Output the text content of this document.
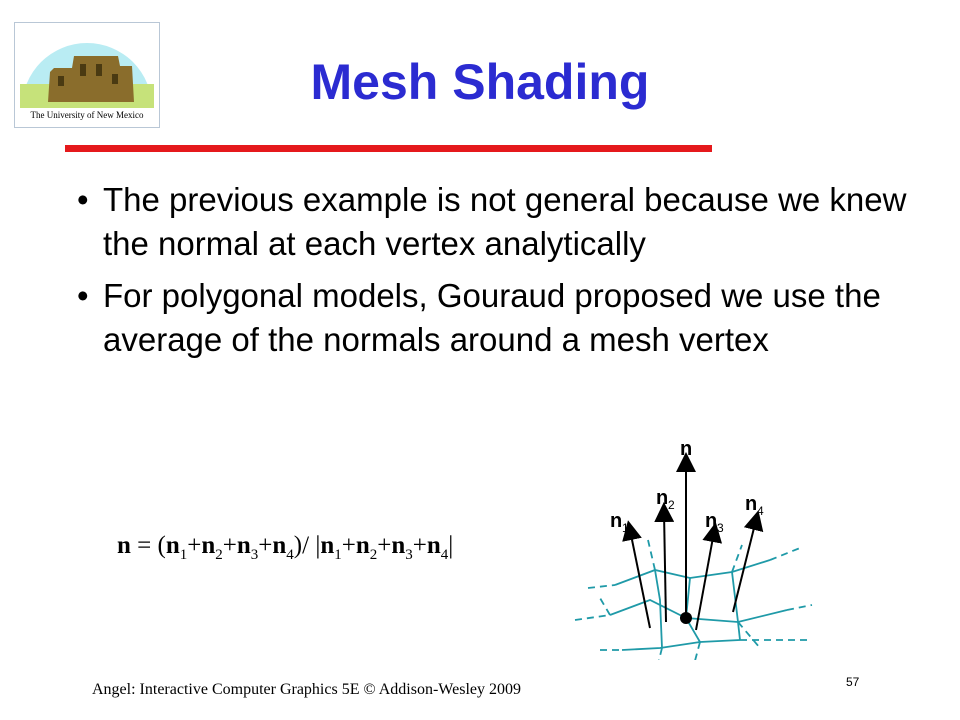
The University of New Mexico
Mesh Shading
• The previous example is not general because we knew the normal at each vertex analytically
• For polygonal models, Gouraud proposed we use the average of the normals around a mesh vertex
$n = (n_1+n_2+n_3+n_4)/$ $|n_1+n_2+n_3+n_4|$
n
n 1
n 2
n 3
n 4
Angel: Interactive Computer Graphics 5E © Addison-Wesley 2009	57
